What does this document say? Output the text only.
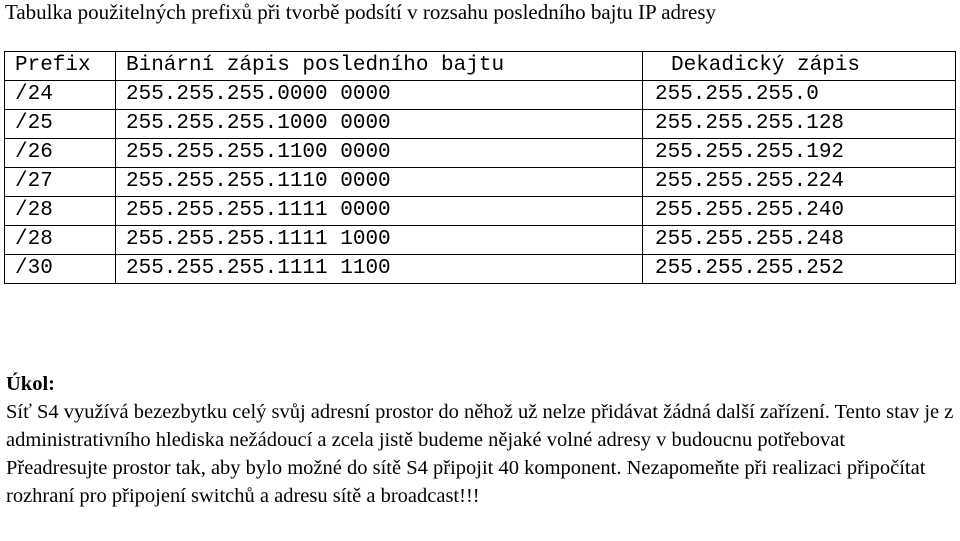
Tabulka použitelných prefixů při tvorbě podsítí v rozsahu posledního bajtu IP adresy
Prefix	Binární zápis posledního bajtu	Dekadický zápis
/24	255.255.255.0000 0000	255.255.255.0
/25	255.255.255.1000 0000	255.255.255.128
/26	255.255.255.1100 0000	255.255.255.192
/27	255.255.255.1110 0000	255.255.255.224
/28	255.255.255.1111 0000	255.255.255.240
/28	255.255.255.1111 1000	255.255.255.248
/30	255.255.255.1111 1100	255.255.255.252

Úkol:

Síť S4 využívá bezezbytku celý svůj adresní prostor do něhož už nelze přidávat žádná další zařízení. Tento stav je z administrativního hlediska nežádoucí a zcela jistě budeme nějaké volné adresy v budoucnu potřebovat

Přeadresujte prostor tak, aby bylo možné do sítě S4 připojit 40 komponent. Nezapomeňte při realizaci připočítat rozhraní pro připojení switchů a adresu sítě a broadcast!!!
